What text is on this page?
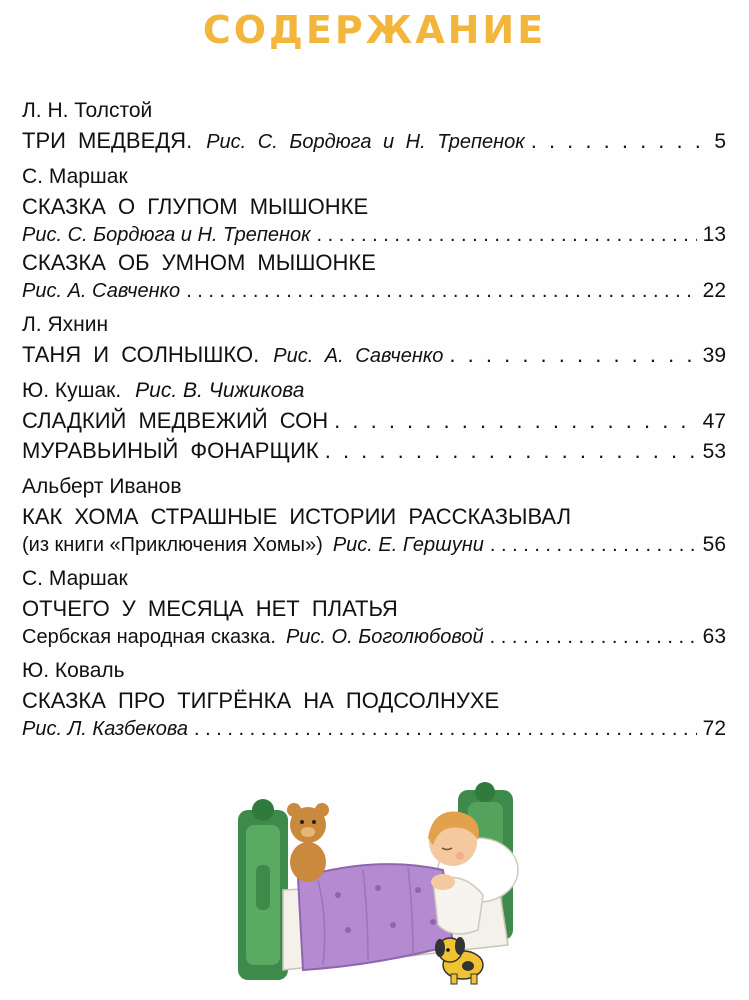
СОДЕРЖАНИЕ
Л. Н. Толстой
ТРИ МЕДВЕДЯ. Рис. С. Бордюга и Н. Трепенок . . .	5
С. Маршак
СКАЗКА О ГЛУПОМ МЫШОНКЕ
Рис. С. Бордюга и Н. Трепенок . . .	13
СКАЗКА ОБ УМНОМ МЫШОНКЕ
Рис. А. Савченко . . .	22
Л. Яхнин
ТАНЯ И СОЛНЫШКО. Рис. А. Савченко . . .	39
Ю. Кушак. Рис. В. Чижикова
СЛАДКИЙ МЕДВЕЖИЙ СОН . . .	47
МУРАВЬИНЫЙ ФОНАРЩИК . . .	53
Альберт Иванов
КАК ХОМА СТРАШНЫЕ ИСТОРИИ РАССКАЗЫВАЛ
(из книги «Приключения Хомы») Рис. Е. Гершуни . . .	56
С. Маршак
ОТЧЕГО У МЕСЯЦА НЕТ ПЛАТЬЯ
Сербская народная сказка. Рис. О. Боголюбовой . . .	63
Ю. Коваль
СКАЗКА ПРО ТИГРЁНКА НА ПОДСОЛНУХЕ
Рис. Л. Казбекова . . .	72
